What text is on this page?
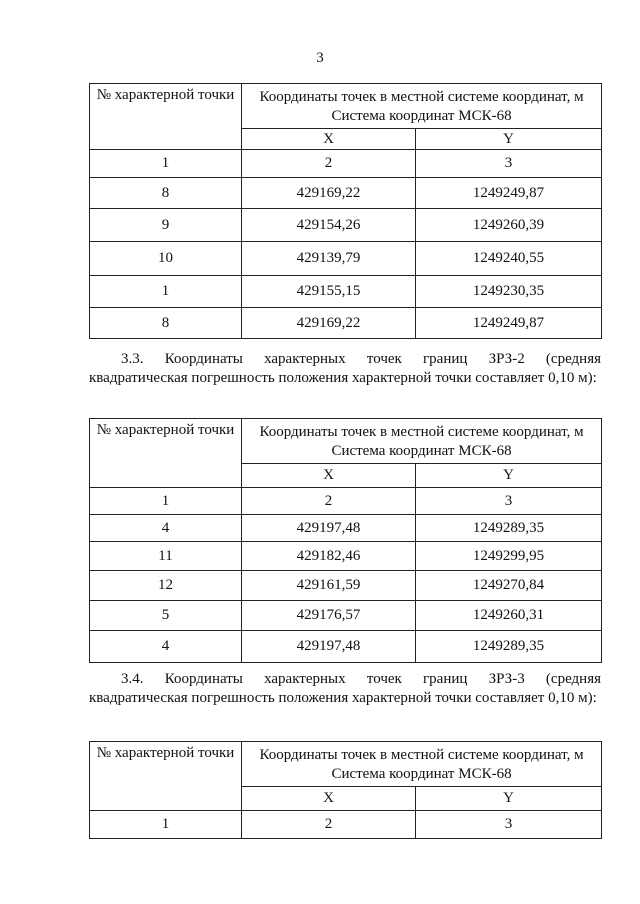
3
№ характерной точки	Координаты точек в местной системе координат, м
Система координат МСК-68	

	X	Y
1	2	3
8	429169,22	1249249,87
9	429154,26	1249260,39
10	429139,79	1249240,55
1	429155,15	1249230,35
8	429169,22	1249249,87
3.3. Координаты характерных точек границ ЗРЗ-2 (средняя
квадратическая погрешность положения характерной точки составляет 0,10 м):
№ характерной точки	Координаты точек в местной системе координат, м
Система координат МСК-68	

	X	Y
1	2	3
4	429197,48	1249289,35
11	429182,46	1249299,95
12	429161,59	1249270,84
5	429176,57	1249260,31
4	429197,48	1249289,35
3.4. Координаты характерных точек границ ЗРЗ-3 (средняя
квадратическая погрешность положения характерной точки составляет 0,10 м):
№ характерной точки	Координаты точек в местной системе координат, м
Система координат МСК-68	

	X	Y
1	2	3
